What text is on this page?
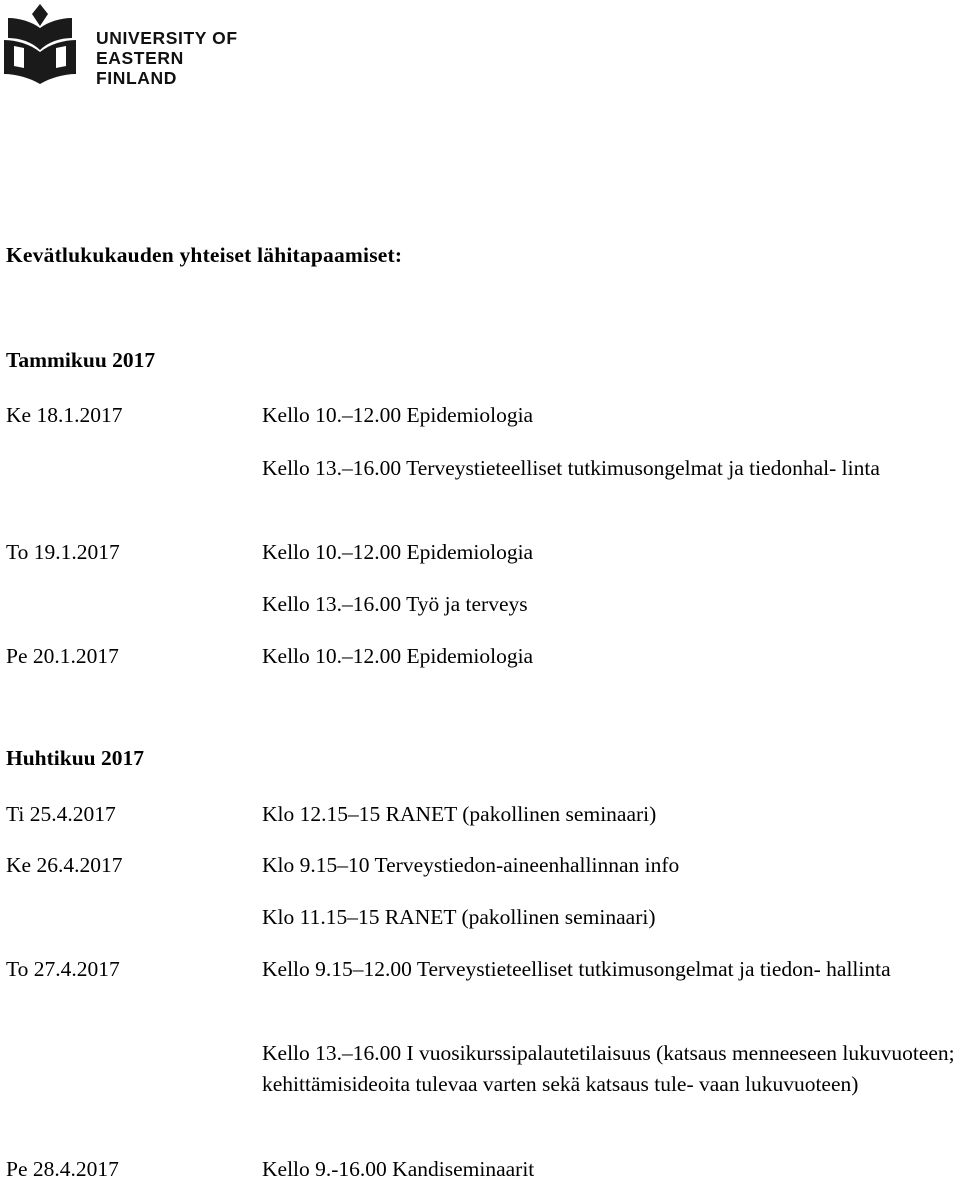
UNIVERSITY OF
EASTERN FINLAND
Kevätlukukauden yhteiset lähitapaamiset:
Tammikuu 2017
Ke 18.1.2017	Kello 10.–12.00 Epidemiologia
Kello 13.–16.00 Terveystieteelliset tutkimusongelmat ja tiedonhal- linta
To 19.1.2017	Kello 10.–12.00 Epidemiologia
Kello 13.–16.00 Työ ja terveys
Pe 20.1.2017	Kello 10.–12.00 Epidemiologia
Huhtikuu 2017
Ti 25.4.2017	Klo 12.15–15 RANET (pakollinen seminaari)
Ke 26.4.2017	Klo 9.15–10 Terveystiedon-aineenhallinnan info
Klo 11.15–15 RANET (pakollinen seminaari)
To 27.4.2017	Kello 9.15–12.00 Terveystieteelliset tutkimusongelmat ja tiedon- hallinta
Kello 13.–16.00 I vuosikurssipalautetilaisuus (katsaus menneeseen lukuvuoteen; kehittämisideoita tulevaa varten sekä katsaus tule- vaan lukuvuoteen)
Pe 28.4.2017	Kello 9.-16.00 Kandiseminaarit
